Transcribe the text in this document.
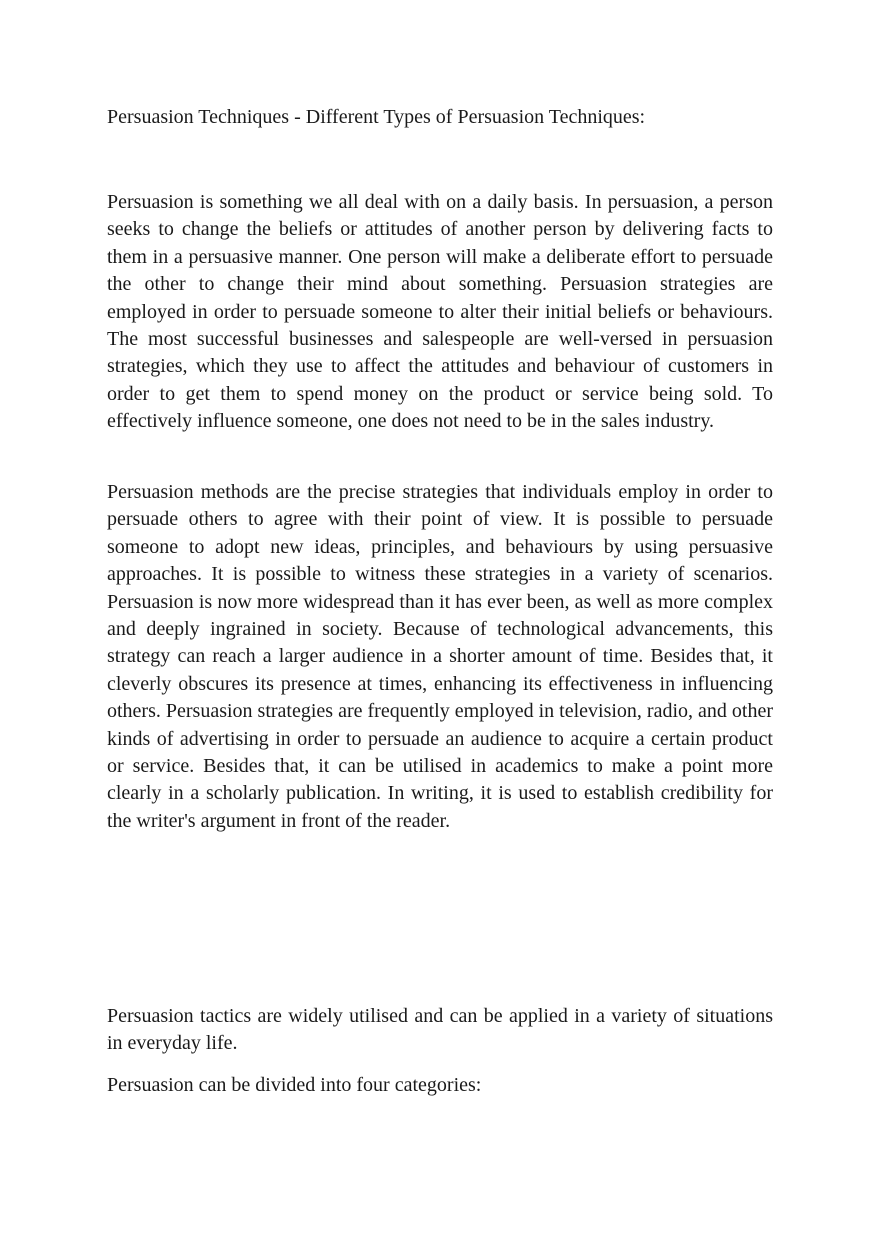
Persuasion Techniques - Different Types of Persuasion Techniques:

Persuasion is something we all deal with on a daily basis. In persuasion, a person seeks to change the beliefs or attitudes of another person by delivering facts to them in a persuasive manner. One person will make a deliberate effort to persuade the other to change their mind about something. Persuasion strategies are employed in order to persuade someone to alter their initial beliefs or behaviours. The most successful businesses and salespeople are well-versed in persuasion strategies, which they use to affect the attitudes and behaviour of customers in order to get them to spend money on the product or service being sold. To effectively influence someone, one does not need to be in the sales industry.

Persuasion methods are the precise strategies that individuals employ in order to persuade others to agree with their point of view. It is possible to persuade someone to adopt new ideas, principles, and behaviours by using persuasive approaches. It is possible to witness these strategies in a variety of scenarios. Persuasion is now more widespread than it has ever been, as well as more complex and deeply ingrained in society. Because of technological advancements, this strategy can reach a larger audience in a shorter amount of time. Besides that, it cleverly obscures its presence at times, enhancing its effectiveness in influencing others. Persuasion strategies are frequently employed in television, radio, and other kinds of advertising in order to persuade an audience to acquire a certain product or service. Besides that, it can be utilised in academics to make a point more clearly in a scholarly publication. In writing, it is used to establish credibility for the writer's argument in front of the reader.

Persuasion tactics are widely utilised and can be applied in a variety of situations in everyday life.

Persuasion can be divided into four categories:
